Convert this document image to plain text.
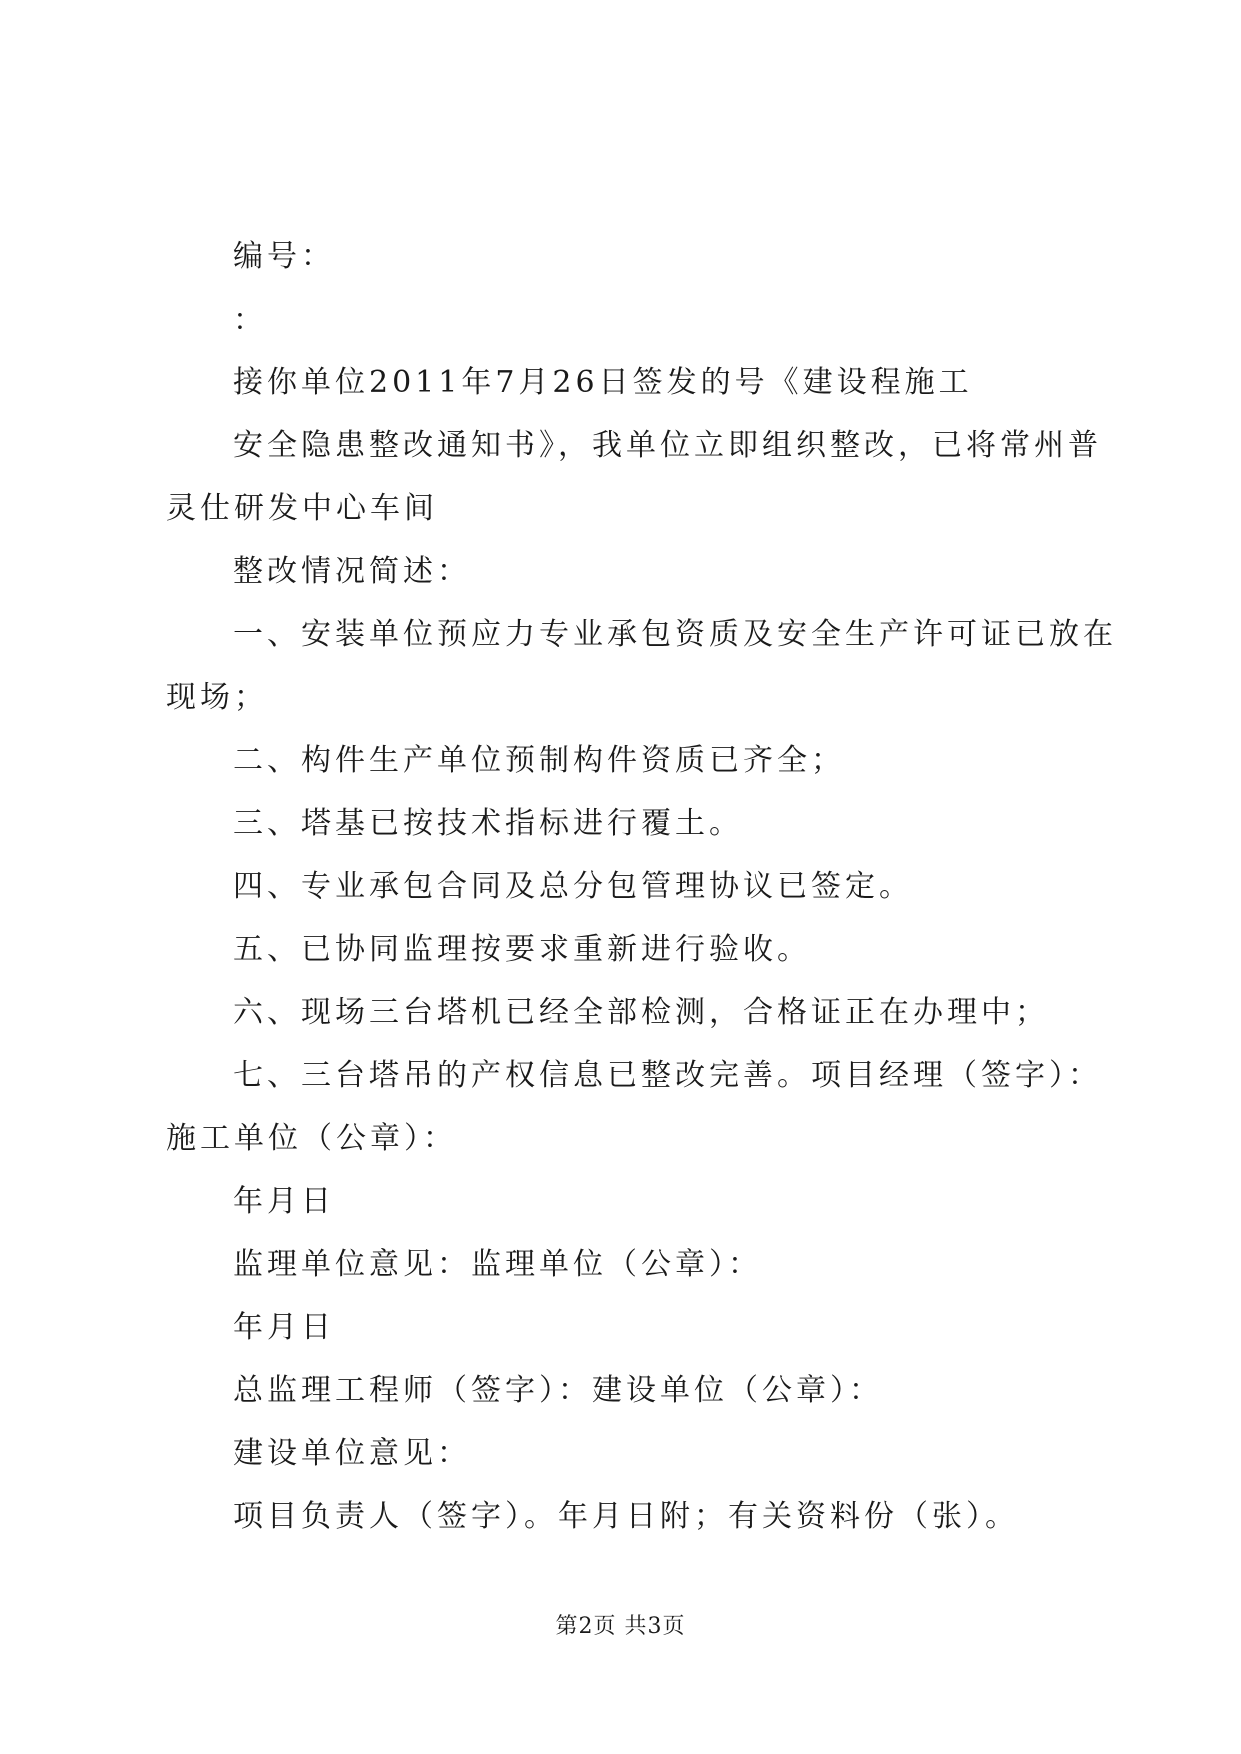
编号：
：
接你单位2011年7月26日签发的号《建设程施工
安全隐患整改通知书》，我单位立即组织整改，已将常州普
灵仕研发中心车间
整改情况简述：
一、安装单位预应力专业承包资质及安全生产许可证已放在
现场；
二、构件生产单位预制构件资质已齐全；
三、塔基已按技术指标进行覆土。
四、专业承包合同及总分包管理协议已签定。
五、已协同监理按要求重新进行验收。
六、现场三台塔机已经全部检测，合格证正在办理中；
七、三台塔吊的产权信息已整改完善。项目经理（签字）：
施工单位（公章）：
年月日
监理单位意见：监理单位（公章）：
年月日
总监理工程师（签字）：建设单位（公章）：
建设单位意见：
项目负责人（签字）。年月日附；有关资料份（张）。
第2页 共3页
